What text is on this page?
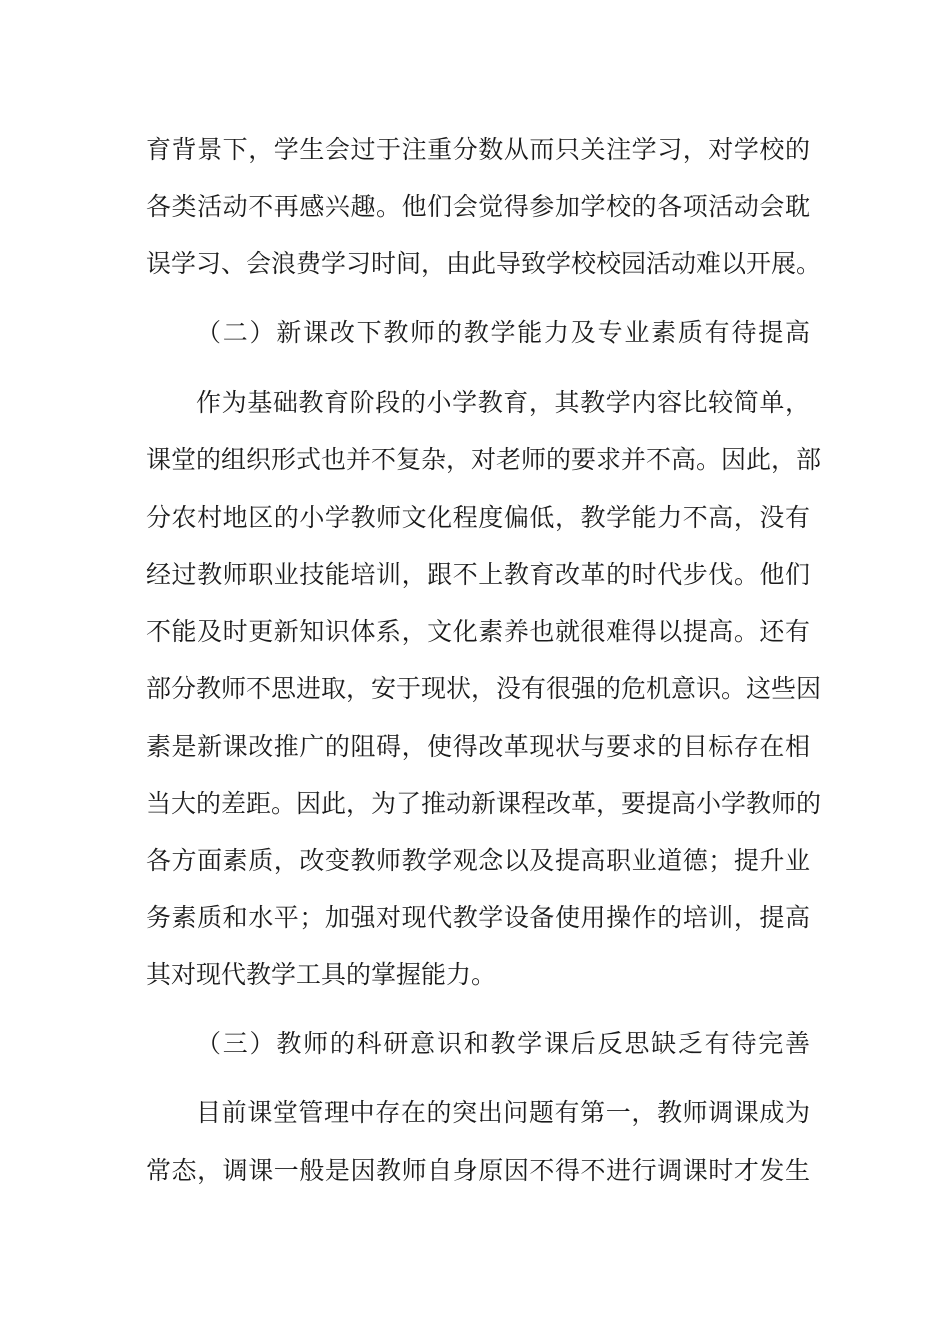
育背景下，学生会过于注重分数从而只关注学习，对学校的
各类活动不再感兴趣。他们会觉得参加学校的各项活动会耽
误学习、会浪费学习时间，由此导致学校校园活动难以开展。
（二）新课改下教师的教学能力及专业素质有待提高
作为基础教育阶段的小学教育，其教学内容比较简单，
课堂的组织形式也并不复杂，对老师的要求并不高。因此，部
分农村地区的小学教师文化程度偏低，教学能力不高，没有
经过教师职业技能培训，跟不上教育改革的时代步伐。他们
不能及时更新知识体系，文化素养也就很难得以提高。还有
部分教师不思进取，安于现状，没有很强的危机意识。这些因
素是新课改推广的阻碍，使得改革现状与要求的目标存在相
当大的差距。因此，为了推动新课程改革，要提高小学教师的
各方面素质，改变教师教学观念以及提高职业道德；提升业
务素质和水平；加强对现代教学设备使用操作的培训，提高
其对现代教学工具的掌握能力。
（三）教师的科研意识和教学课后反思缺乏有待完善
目前课堂管理中存在的突出问题有第一，教师调课成为
常态，调课一般是因教师自身原因不得不进行调课时才发生
